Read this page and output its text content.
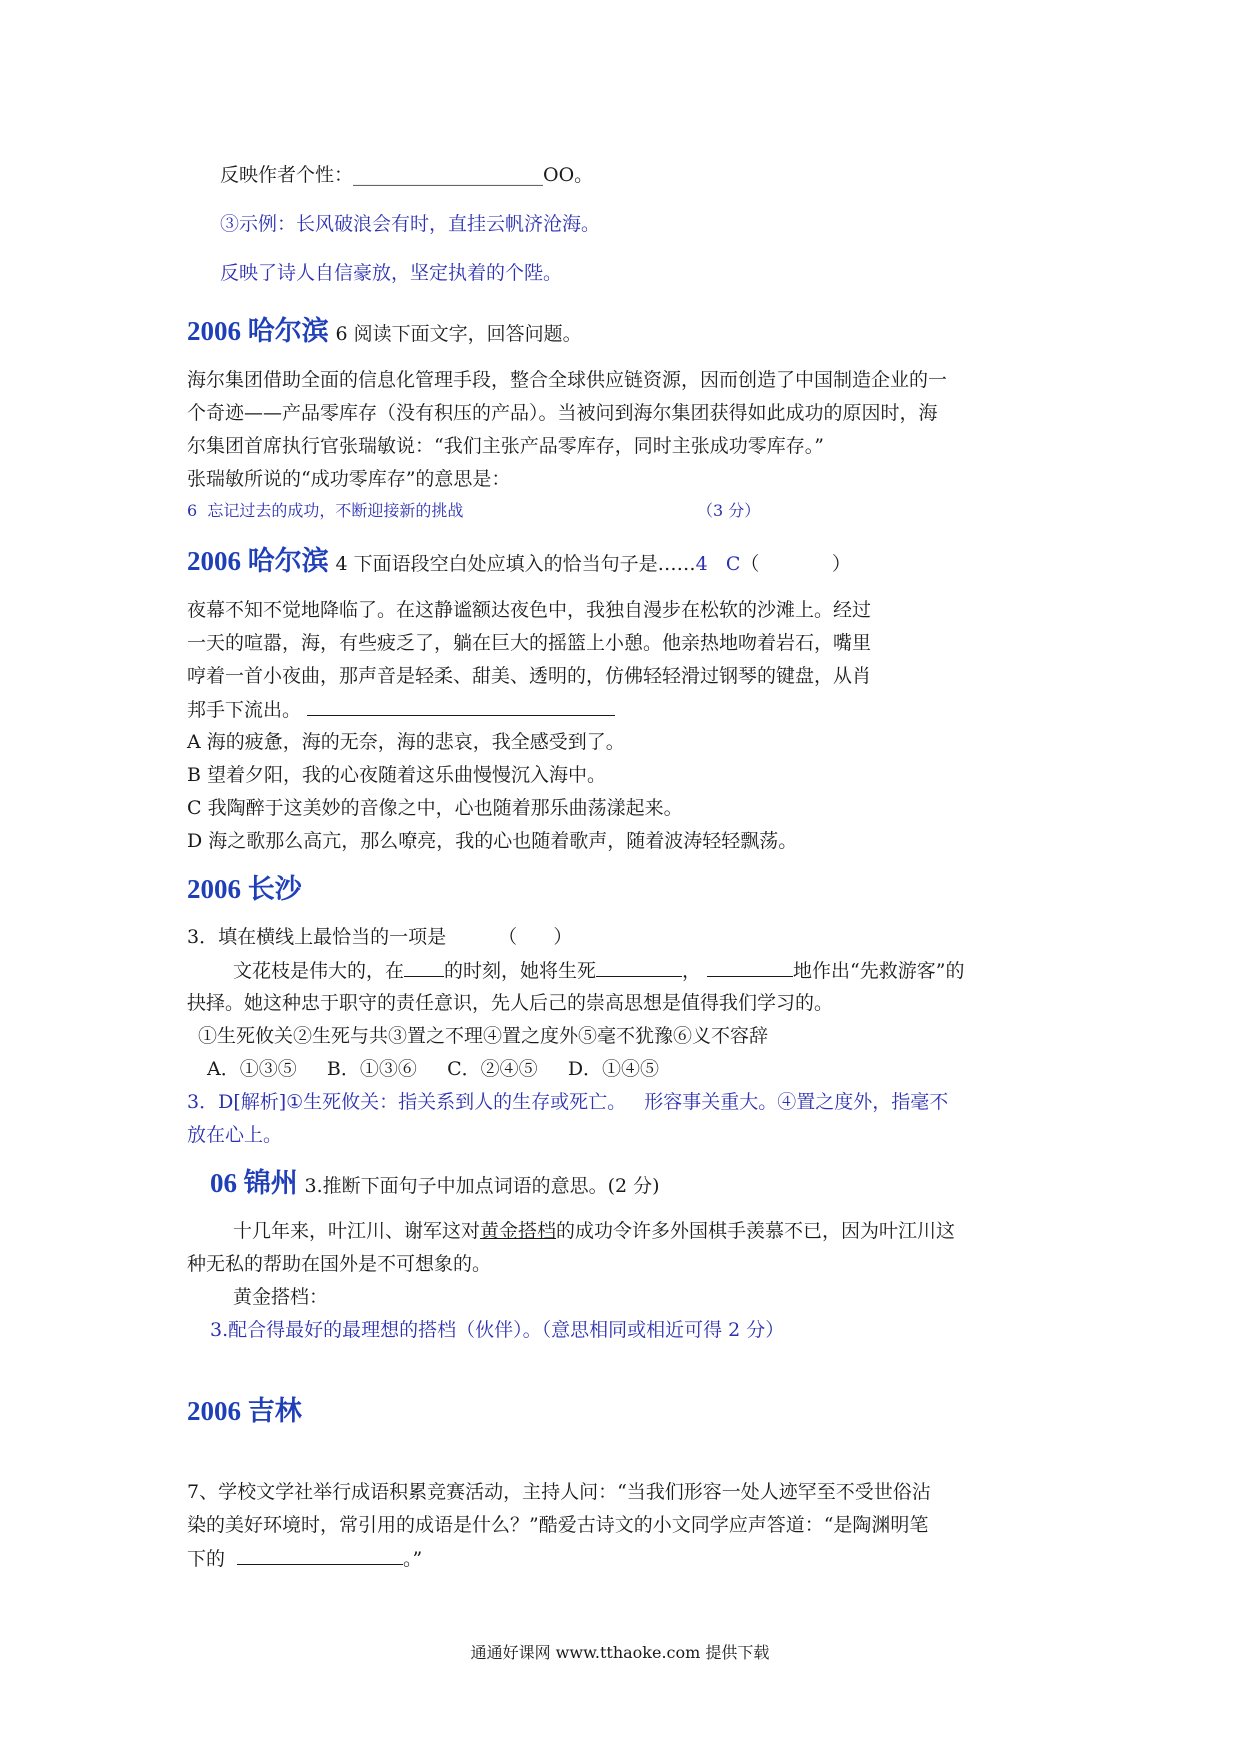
反映作者个性：____________________OO。
③示例：长风破浪会有时，直挂云帆济沧海。
反映了诗人自信豪放，坚定执着的个陛。
2006 哈尔滨 6 阅读下面文字，回答问题。
海尔集团借助全面的信息化管理手段，整合全球供应链资源，因而创造了中国制造企业的一
个奇迹——产品零库存（没有积压的产品）。当被问到海尔集团获得如此成功的原因时，海
尔集团首席执行官张瑞敏说：“我们主张产品零库存，同时主张成功零库存。”
张瑞敏所说的“成功零库存”的意思是：
6  忘记过去的成功，不断迎接新的挑战	（3 分）
2006 哈尔滨 4 下面语段空白处应填入的恰当句子是……4   C（            ）
夜幕不知不觉地降临了。在这静谧额达夜色中，我独自漫步在松软的沙滩上。经过
一天的喧嚣，海，有些疲乏了，躺在巨大的摇篮上小憩。他亲热地吻着岩石，嘴里
哼着一首小夜曲，那声音是轻柔、甜美、透明的，仿佛轻轻滑过钢琴的键盘，从肖
邦手下流出。
A 海的疲惫，海的无奈，海的悲哀，我全感受到了。
B 望着夕阳，我的心夜随着这乐曲慢慢沉入海中。
C 我陶醉于这美妙的音像之中，心也随着那乐曲荡漾起来。
D 海之歌那么高亢，那么嘹亮，我的心也随着歌声，随着波涛轻轻飘荡。
2006 长沙
3．填在横线上最恰当的一项是	（      ）
文花枝是伟大的，在 的时刻，她将生死	，	地作出“先救游客”的
抉择。她这种忠于职守的责任意识，先人后己的崇高思想是值得我们学习的。
①生死攸关②生死与共③置之不理④置之度外⑤毫不犹豫⑥义不容辞
A．①③⑤     B．①③⑥     C．②④⑤     D．①④⑤
3．D[解析]①生死攸关：指关系到人的生存或死亡。   形容事关重大。④置之度外，指毫不
放在心上。
06 锦州 3.推断下面句子中加点词语的意思。(2 分)
十几年来，叶江川、谢军这对黄金搭档的成功令许多外国棋手羡慕不已，因为叶江川这
种无私的帮助在国外是不可想象的。
黄金搭档：
3.配合得最好的最理想的搭档（伙伴）。（意思相同或相近可得 2 分）
2006 吉林
7、学校文学社举行成语积累竞赛活动，主持人问：“当我们形容一处人迹罕至不受世俗沾
染的美好环境时，常引用的成语是什么？”酷爱古诗文的小文同学应声答道：“是陶渊明笔
下的	。”
通通好课网 www.tthaoke.com 提供下载
